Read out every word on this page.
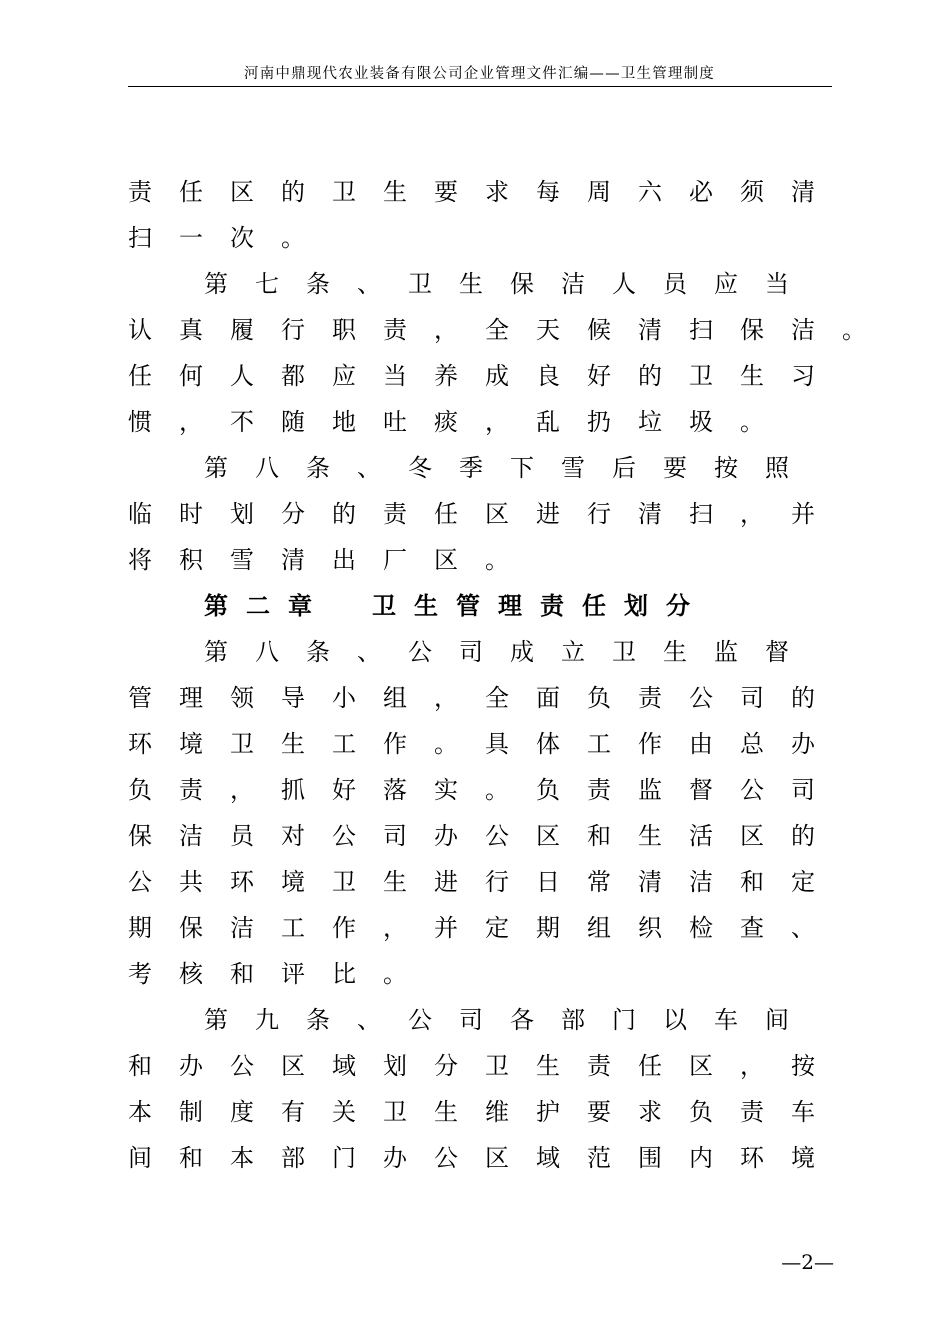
河南中鼎现代农业装备有限公司企业管理文件汇编——卫生管理制度
责任区的卫生要求每周六必须清
扫一次。
第七条、卫生保洁人员应当
认真履行职责，全天候清扫保洁。
任何人都应当养成良好的卫生习
惯，不随地吐痰，乱扔垃圾。
第八条、冬季下雪后要按照
临时划分的责任区进行清扫，并
将积雪清出厂区。
第二章　卫生管理责任划分
第八条、公司成立卫生监督
管理领导小组，全面负责公司的
环境卫生工作。具体工作由总办
负责，抓好落实。负责监督公司
保洁员对公司办公区和生活区的
公共环境卫生进行日常清洁和定
期保洁工作，并定期组织检查、
考核和评比。
第九条、公司各部门以车间
和办公区域划分卫生责任区，按
本制度有关卫生维护要求负责车
间和本部门办公区域范围内环境
—2—
